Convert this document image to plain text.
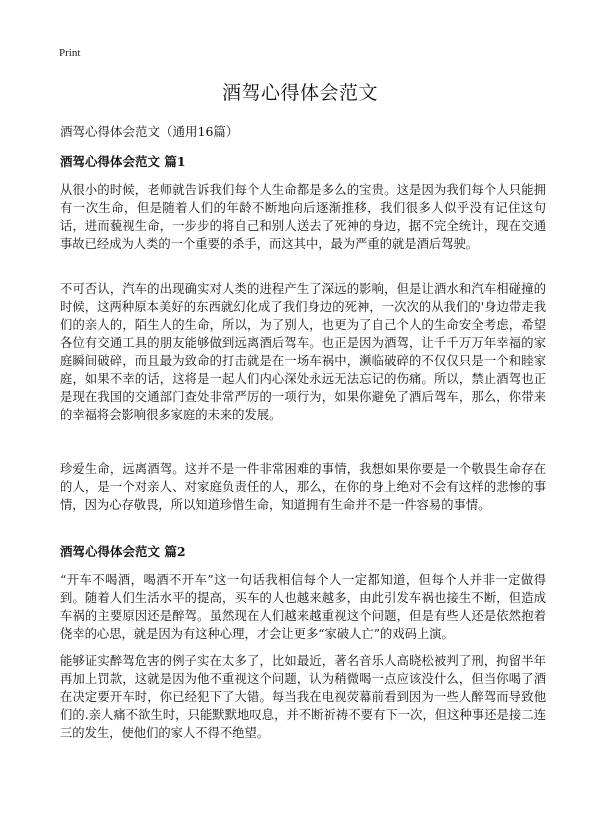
Print
酒驾心得体会范文
酒驾心得体会范文（通用16篇）
酒驾心得体会范文 篇1

从很小的时候，老师就告诉我们每个人生命都是多么的宝贵。这是因为我们每个人只能拥有一次生命，但是随着人们的年龄不断地向后逐渐推移，我们很多人似乎没有记住这句话，进而藐视生命，一步步的将自己和别人送去了死神的身边，据不完全统计，现在交通事故已经成为人类的一个重要的杀手，而这其中，最为严重的就是酒后驾驶。

不可否认，汽车的出现确实对人类的进程产生了深远的影响，但是让酒水和汽车相碰撞的时候，这两种原本美好的东西就幻化成了我们身边的死神，一次次的从我们的'身边带走我们的亲人的，陌生人的生命，所以，为了别人，也更为了自己个人的生命安全考虑，希望各位有交通工具的朋友能够做到远离酒后驾车。也正是因为酒驾，让千千万万年幸福的家庭瞬间破碎，而且最为致命的打击就是在一场车祸中，濒临破碎的不仅仅只是一个和睦家庭，如果不幸的话，这将是一起人们内心深处永远无法忘记的伤痛。所以，禁止酒驾也正是现在我国的交通部门查处非常严厉的一项行为，如果你避免了酒后驾车，那么，你带来的幸福将会影响很多家庭的未来的发展。

珍爱生命，远离酒驾。这并不是一件非常困难的事情，我想如果你要是一个敬畏生命存在的人，是一个对亲人、对家庭负责任的人，那么，在你的身上绝对不会有这样的悲惨的事情，因为心存敬畏，所以知道珍惜生命，知道拥有生命并不是一件容易的事情。

酒驾心得体会范文 篇2

“开车不喝酒，喝酒不开车”这一句话我相信每个人一定都知道，但每个人并非一定做得到。随着人们生活水平的提高，买车的人也越来越多，由此引发车祸也接生不断，但造成车祸的主要原因还是醉驾。虽然现在人们越来越重视这个问题，但是有些人还是依然抱着侥幸的心思，就是因为有这种心理，才会让更多“家破人亡”的戏码上演。

能够证实醉驾危害的例子实在太多了，比如最近，著名音乐人高晓松被判了刑，拘留半年再加上罚款，这就是因为他不重视这个问题，认为稍微喝一点应该没什么，但当你喝了酒在决定要开车时，你已经犯下了大错。每当我在电视荧幕前看到因为一些人醉驾而导致他们的.亲人痛不欲生时，只能默默地叹息，并不断祈祷不要有下一次，但这种事还是接二连三的发生，使他们的家人不得不绝望。
